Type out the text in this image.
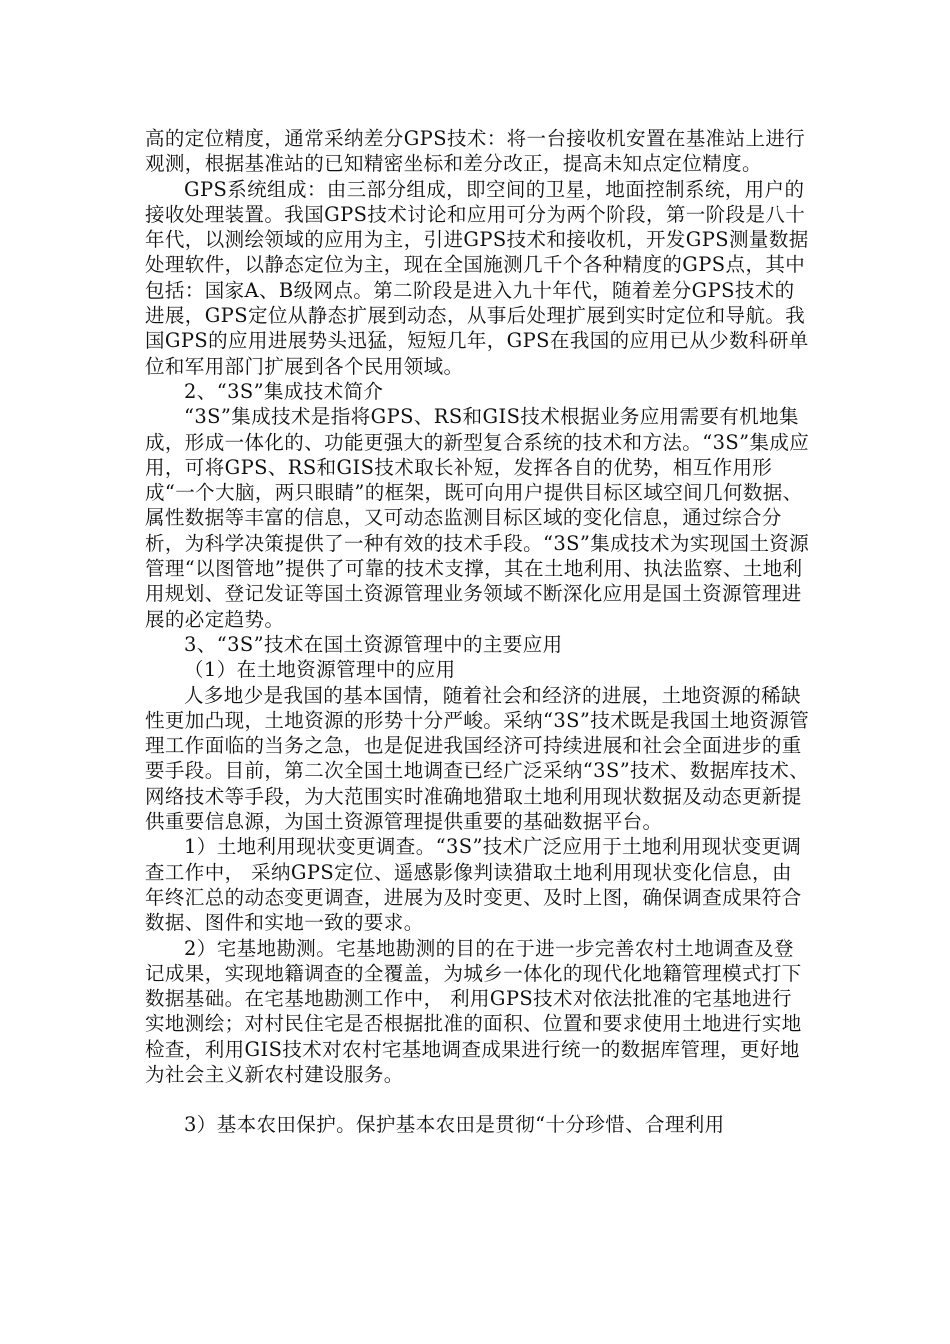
高的定位精度，通常采纳差分GPS技术：将一台接收机安置在基准站上进行观测，根据基准站的已知精密坐标和差分改正，提高未知点定位精度。

GPS系统组成：由三部分组成，即空间的卫星，地面控制系统，用户的接收处理装置。我国GPS技术讨论和应用可分为两个阶段，第一阶段是八十年代，以测绘领域的应用为主，引进GPS技术和接收机，开发GPS测量数据处理软件，以静态定位为主，现在全国施测几千个各种精度的GPS点，其中包括：国家A、B级网点。第二阶段是进入九十年代，随着差分GPS技术的进展，GPS定位从静态扩展到动态，从事后处理扩展到实时定位和导航。我国GPS的应用进展势头迅猛，短短几年，GPS在我国的应用已从少数科研单位和军用部门扩展到各个民用领域。

2、“3S”集成技术简介

“3S”集成技术是指将GPS、RS和GIS技术根据业务应用需要有机地集成，形成一体化的、功能更强大的新型复合系统的技术和方法。“3S”集成应用，可将GPS、RS和GIS技术取长补短，发挥各自的优势，相互作用形成“一个大脑，两只眼睛”的框架，既可向用户提供目标区域空间几何数据、属性数据等丰富的信息，又可动态监测目标区域的变化信息，通过综合分析，为科学决策提供了一种有效的技术手段。“3S”集成技术为实现国土资源管理“以图管地”提供了可靠的技术支撑，其在土地利用、执法监察、土地利用规划、登记发证等国土资源管理业务领域不断深化应用是国土资源管理进展的必定趋势。

3、“3S”技术在国土资源管理中的主要应用

（1）在土地资源管理中的应用

人多地少是我国的基本国情，随着社会和经济的进展，土地资源的稀缺性更加凸现，土地资源的形势十分严峻。采纳“3S”技术既是我国土地资源管理工作面临的当务之急，也是促进我国经济可持续进展和社会全面进步的重要手段。目前，第二次全国土地调查已经广泛采纳“3S”技术、数据库技术、网络技术等手段，为大范围实时准确地猎取土地利用现状数据及动态更新提供重要信息源，为国土资源管理提供重要的基础数据平台。

1）土地利用现状变更调查。“3S”技术广泛应用于土地利用现状变更调查工作中， 采纳GPS定位、遥感影像判读猎取土地利用现状变化信息，由年终汇总的动态变更调查，进展为及时变更、及时上图，确保调查成果符合数据、图件和实地一致的要求。

2）宅基地勘测。宅基地勘测的目的在于进一步完善农村土地调查及登记成果，实现地籍调查的全覆盖，为城乡一体化的现代化地籍管理模式打下数据基础。在宅基地勘测工作中， 利用GPS技术对依法批准的宅基地进行实地测绘；对村民住宅是否根据批准的面积、位置和要求使用土地进行实地检查，利用GIS技术对农村宅基地调查成果进行统一的数据库管理，更好地为社会主义新农村建设服务。

3）基本农田保护。保护基本农田是贯彻“十分珍惜、合理利用
